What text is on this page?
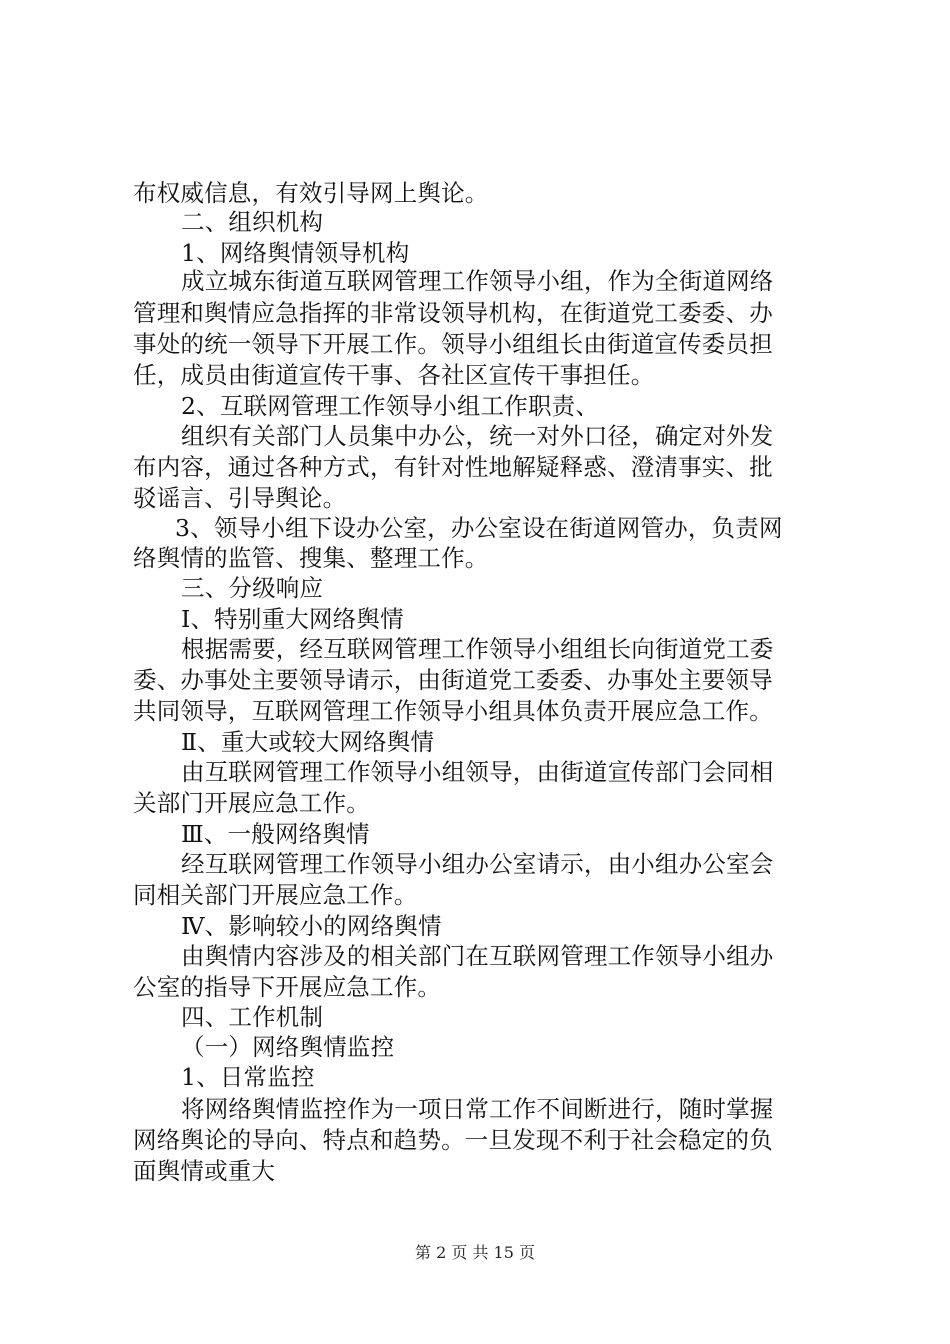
布权威信息，有效引导网上舆论。
二、组织机构
1、网络舆情领导机构
成立城东街道互联网管理工作领导小组，作为全街道网络
管理和舆情应急指挥的非常设领导机构，在街道党工委委、办
事处的统一领导下开展工作。领导小组组长由街道宣传委员担
任，成员由街道宣传干事、各社区宣传干事担任。
2、互联网管理工作领导小组工作职责、
组织有关部门人员集中办公，统一对外口径，确定对外发
布内容，通过各种方式，有针对性地解疑释惑、澄清事实、批
驳谣言、引导舆论。
3、领导小组下设办公室，办公室设在街道网管办，负责网
络舆情的监管、搜集、整理工作。
三、分级响应
Ⅰ、特别重大网络舆情
根据需要，经互联网管理工作领导小组组长向街道党工委
委、办事处主要领导请示，由街道党工委委、办事处主要领导
共同领导，互联网管理工作领导小组具体负责开展应急工作。
Ⅱ、重大或较大网络舆情
由互联网管理工作领导小组领导，由街道宣传部门会同相
关部门开展应急工作。
Ⅲ、一般网络舆情
经互联网管理工作领导小组办公室请示，由小组办公室会
同相关部门开展应急工作。
Ⅳ、影响较小的网络舆情
由舆情内容涉及的相关部门在互联网管理工作领导小组办
公室的指导下开展应急工作。
四、工作机制
（一）网络舆情监控
1、日常监控
将网络舆情监控作为一项日常工作不间断进行，随时掌握
网络舆论的导向、特点和趋势。一旦发现不利于社会稳定的负
面舆情或重大
第 2 页 共 15 页
